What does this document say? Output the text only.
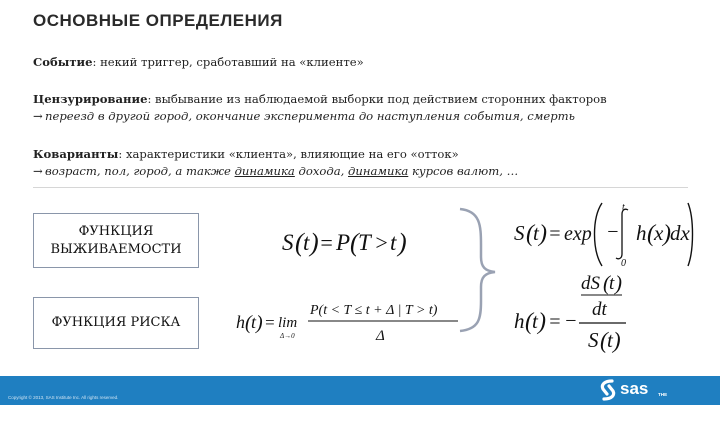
ОСНОВНЫЕ ОПРЕДЕЛЕНИЯ
Событие: некий триггер, сработавший на «клиенте»
Цензурирование: выбывание из наблюдаемой выборки под действием сторонних факторов
→ переезд в другой город, окончание эксперимента до наступления события, смерть
Коварианты: характеристики «клиента», влияющие на его «отток»
→ возраст, пол, город, а также динамика дохода, динамика курсов валют, …
ФУНКЦИЯ
ВЫЖИВАЕМОСТИ
ФУНКЦИЯ РИСКА
S ( t ) = P ( T > t )	S ( t ) = exp −
t
0
h ( x ) dx
h ( t ) = lim
Δ→0
P(t < T ≤ t + Δ | T > t)
Δ
h ( t ) = −
dS ( t )
dt
S ( t )
Copyright © 2013, SAS Institute Inc. All rights reserved.	sas

THE

POWER

TO KNOW.
